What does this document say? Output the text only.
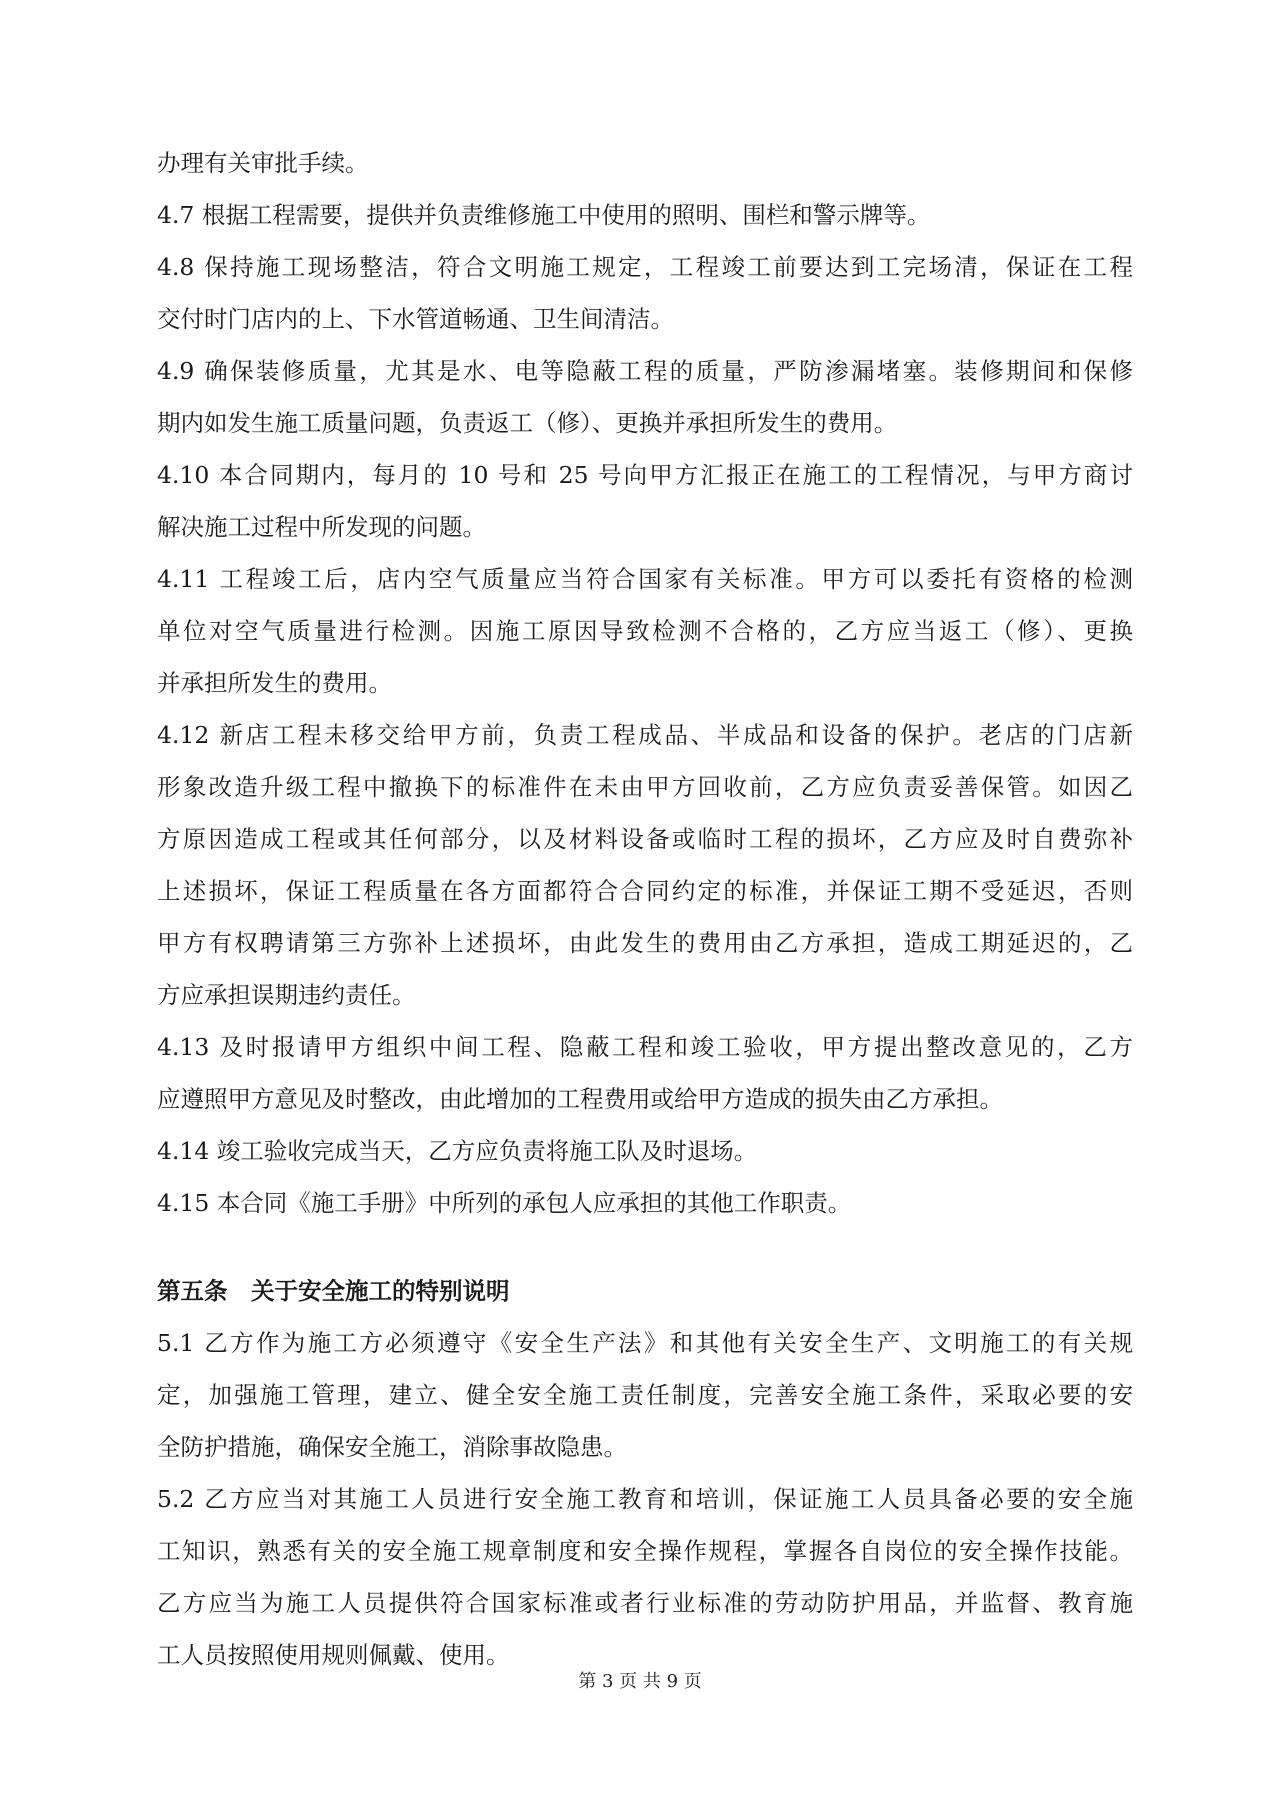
办理有关审批手续。
4.7 根据工程需要，提供并负责维修施工中使用的照明、围栏和警示牌等。
4.8 保持施工现场整洁，符合文明施工规定，工程竣工前要达到工完场清，保证在工程
交付时门店内的上、下水管道畅通、卫生间清洁。
4.9 确保装修质量，尤其是水、电等隐蔽工程的质量，严防渗漏堵塞。装修期间和保修
期内如发生施工质量问题，负责返工（修）、更换并承担所发生的费用。
4.10 本合同期内，每月的 10 号和 25 号向甲方汇报正在施工的工程情况，与甲方商讨
解决施工过程中所发现的问题。
4.11 工程竣工后，店内空气质量应当符合国家有关标准。甲方可以委托有资格的检测
单位对空气质量进行检测。因施工原因导致检测不合格的，乙方应当返工（修）、更换
并承担所发生的费用。
4.12 新店工程未移交给甲方前，负责工程成品、半成品和设备的保护。老店的门店新
形象改造升级工程中撤换下的标准件在未由甲方回收前，乙方应负责妥善保管。如因乙
方原因造成工程或其任何部分，以及材料设备或临时工程的损坏，乙方应及时自费弥补
上述损坏，保证工程质量在各方面都符合合同约定的标准，并保证工期不受延迟，否则
甲方有权聘请第三方弥补上述损坏，由此发生的费用由乙方承担，造成工期延迟的，乙
方应承担误期违约责任。
4.13 及时报请甲方组织中间工程、隐蔽工程和竣工验收，甲方提出整改意见的，乙方
应遵照甲方意见及时整改，由此增加的工程费用或给甲方造成的损失由乙方承担。
4.14 竣工验收完成当天，乙方应负责将施工队及时退场。
4.15 本合同《施工手册》中所列的承包人应承担的其他工作职责。
第五条　关于安全施工的特别说明
5.1 乙方作为施工方必须遵守《安全生产法》和其他有关安全生产、文明施工的有关规
定，加强施工管理，建立、健全安全施工责任制度，完善安全施工条件，采取必要的安
全防护措施，确保安全施工，消除事故隐患。
5.2 乙方应当对其施工人员进行安全施工教育和培训，保证施工人员具备必要的安全施
工知识，熟悉有关的安全施工规章制度和安全操作规程，掌握各自岗位的安全操作技能。
乙方应当为施工人员提供符合国家标准或者行业标准的劳动防护用品，并监督、教育施
工人员按照使用规则佩戴、使用。
第 3 页 共 9 页
